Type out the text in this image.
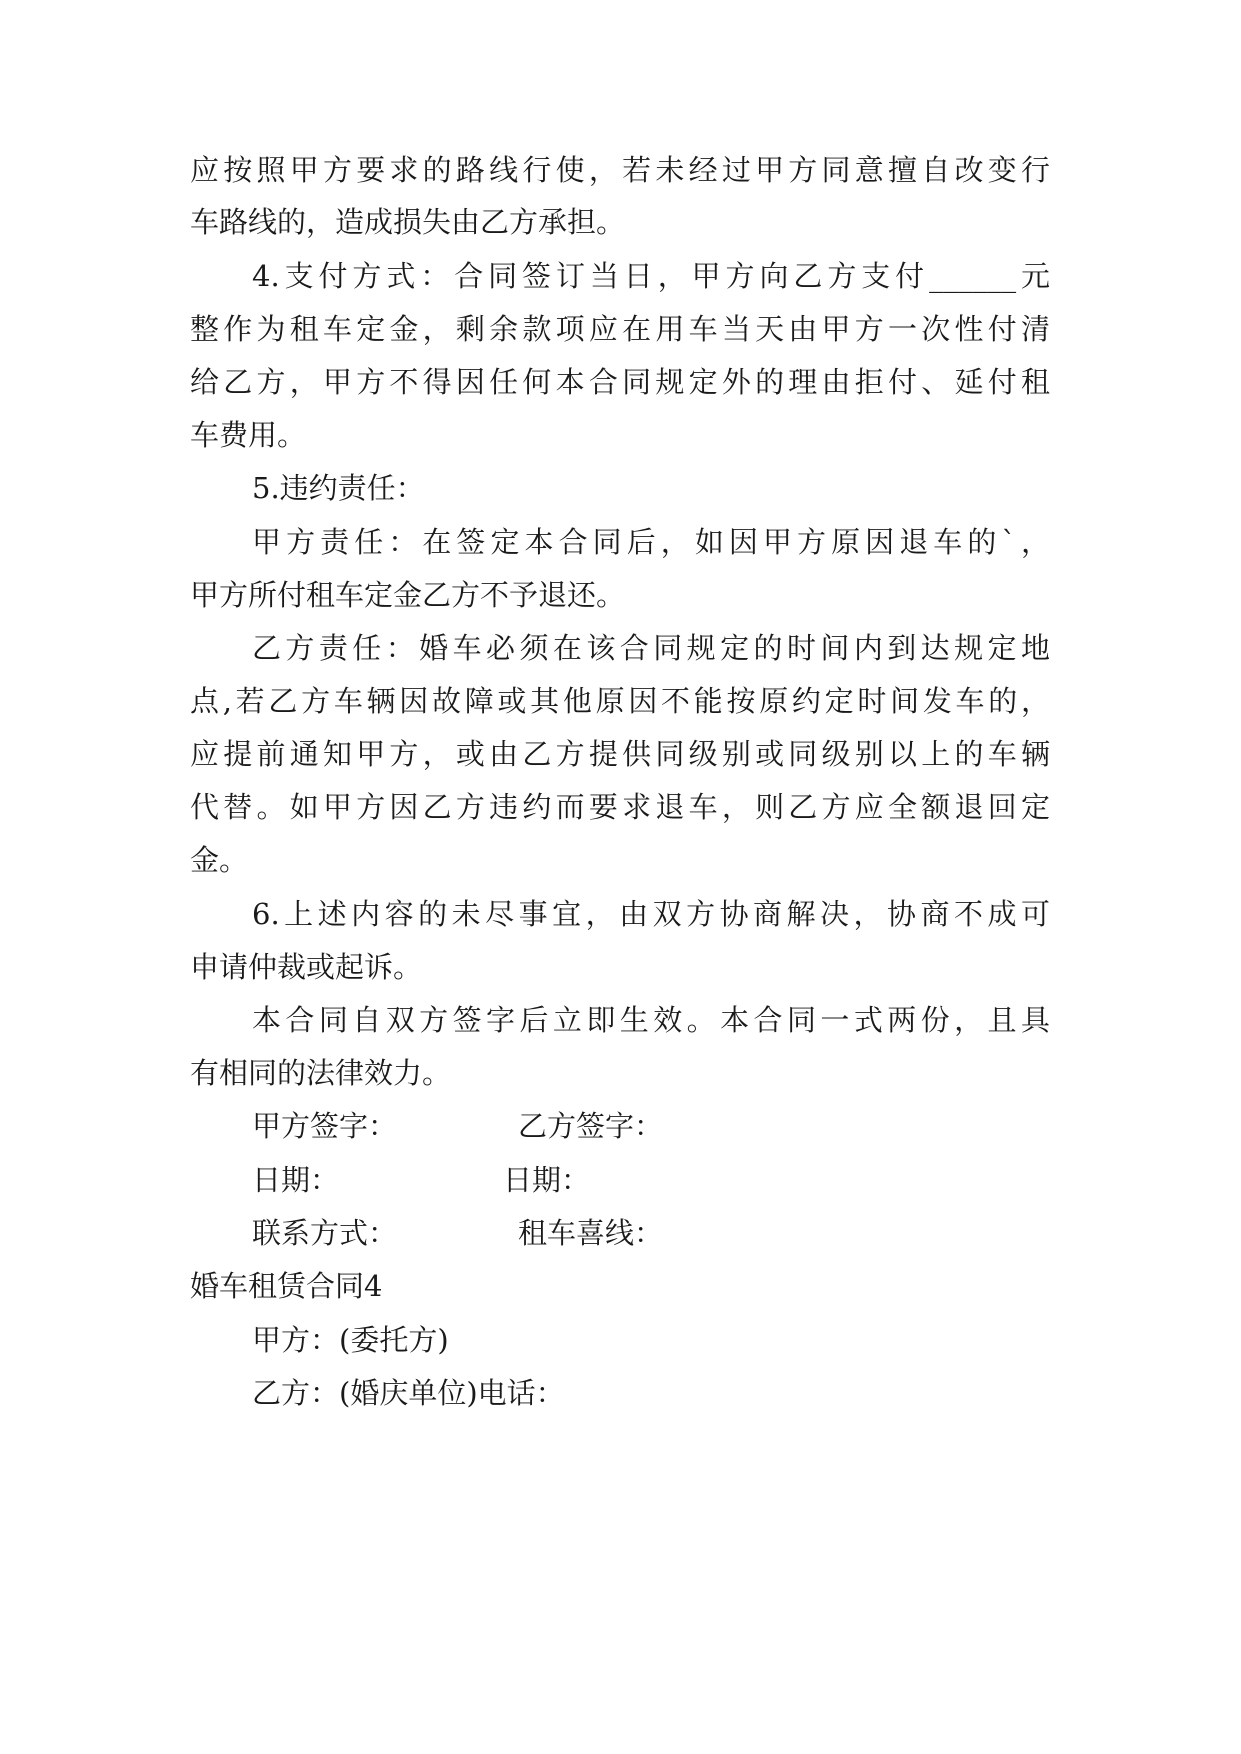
应按照甲方要求的路线行使，若未经过甲方同意擅自改变行
车路线的，造成损失由乙方承担。
4.支付方式：合同签订当日，甲方向乙方支付______元
整作为租车定金，剩余款项应在用车当天由甲方一次性付清
给乙方，甲方不得因任何本合同规定外的理由拒付、延付租
车费用。
5.违约责任：
甲方责任：在签定本合同后，如因甲方原因退车的`，
甲方所付租车定金乙方不予退还。
乙方责任：婚车必须在该合同规定的时间内到达规定地
点,若乙方车辆因故障或其他原因不能按原约定时间发车的，
应提前通知甲方，或由乙方提供同级别或同级别以上的车辆
代替。如甲方因乙方违约而要求退车，则乙方应全额退回定
金。
6.上述内容的未尽事宜，由双方协商解决，协商不成可
申请仲裁或起诉。
本合同自双方签字后立即生效。本合同一式两份，且具
有相同的法律效力。
甲方签字：	乙方签字：
日期：	日期：
联系方式：	租车喜线：
婚车租赁合同4
甲方：(委托方)
乙方：(婚庆单位)电话：
